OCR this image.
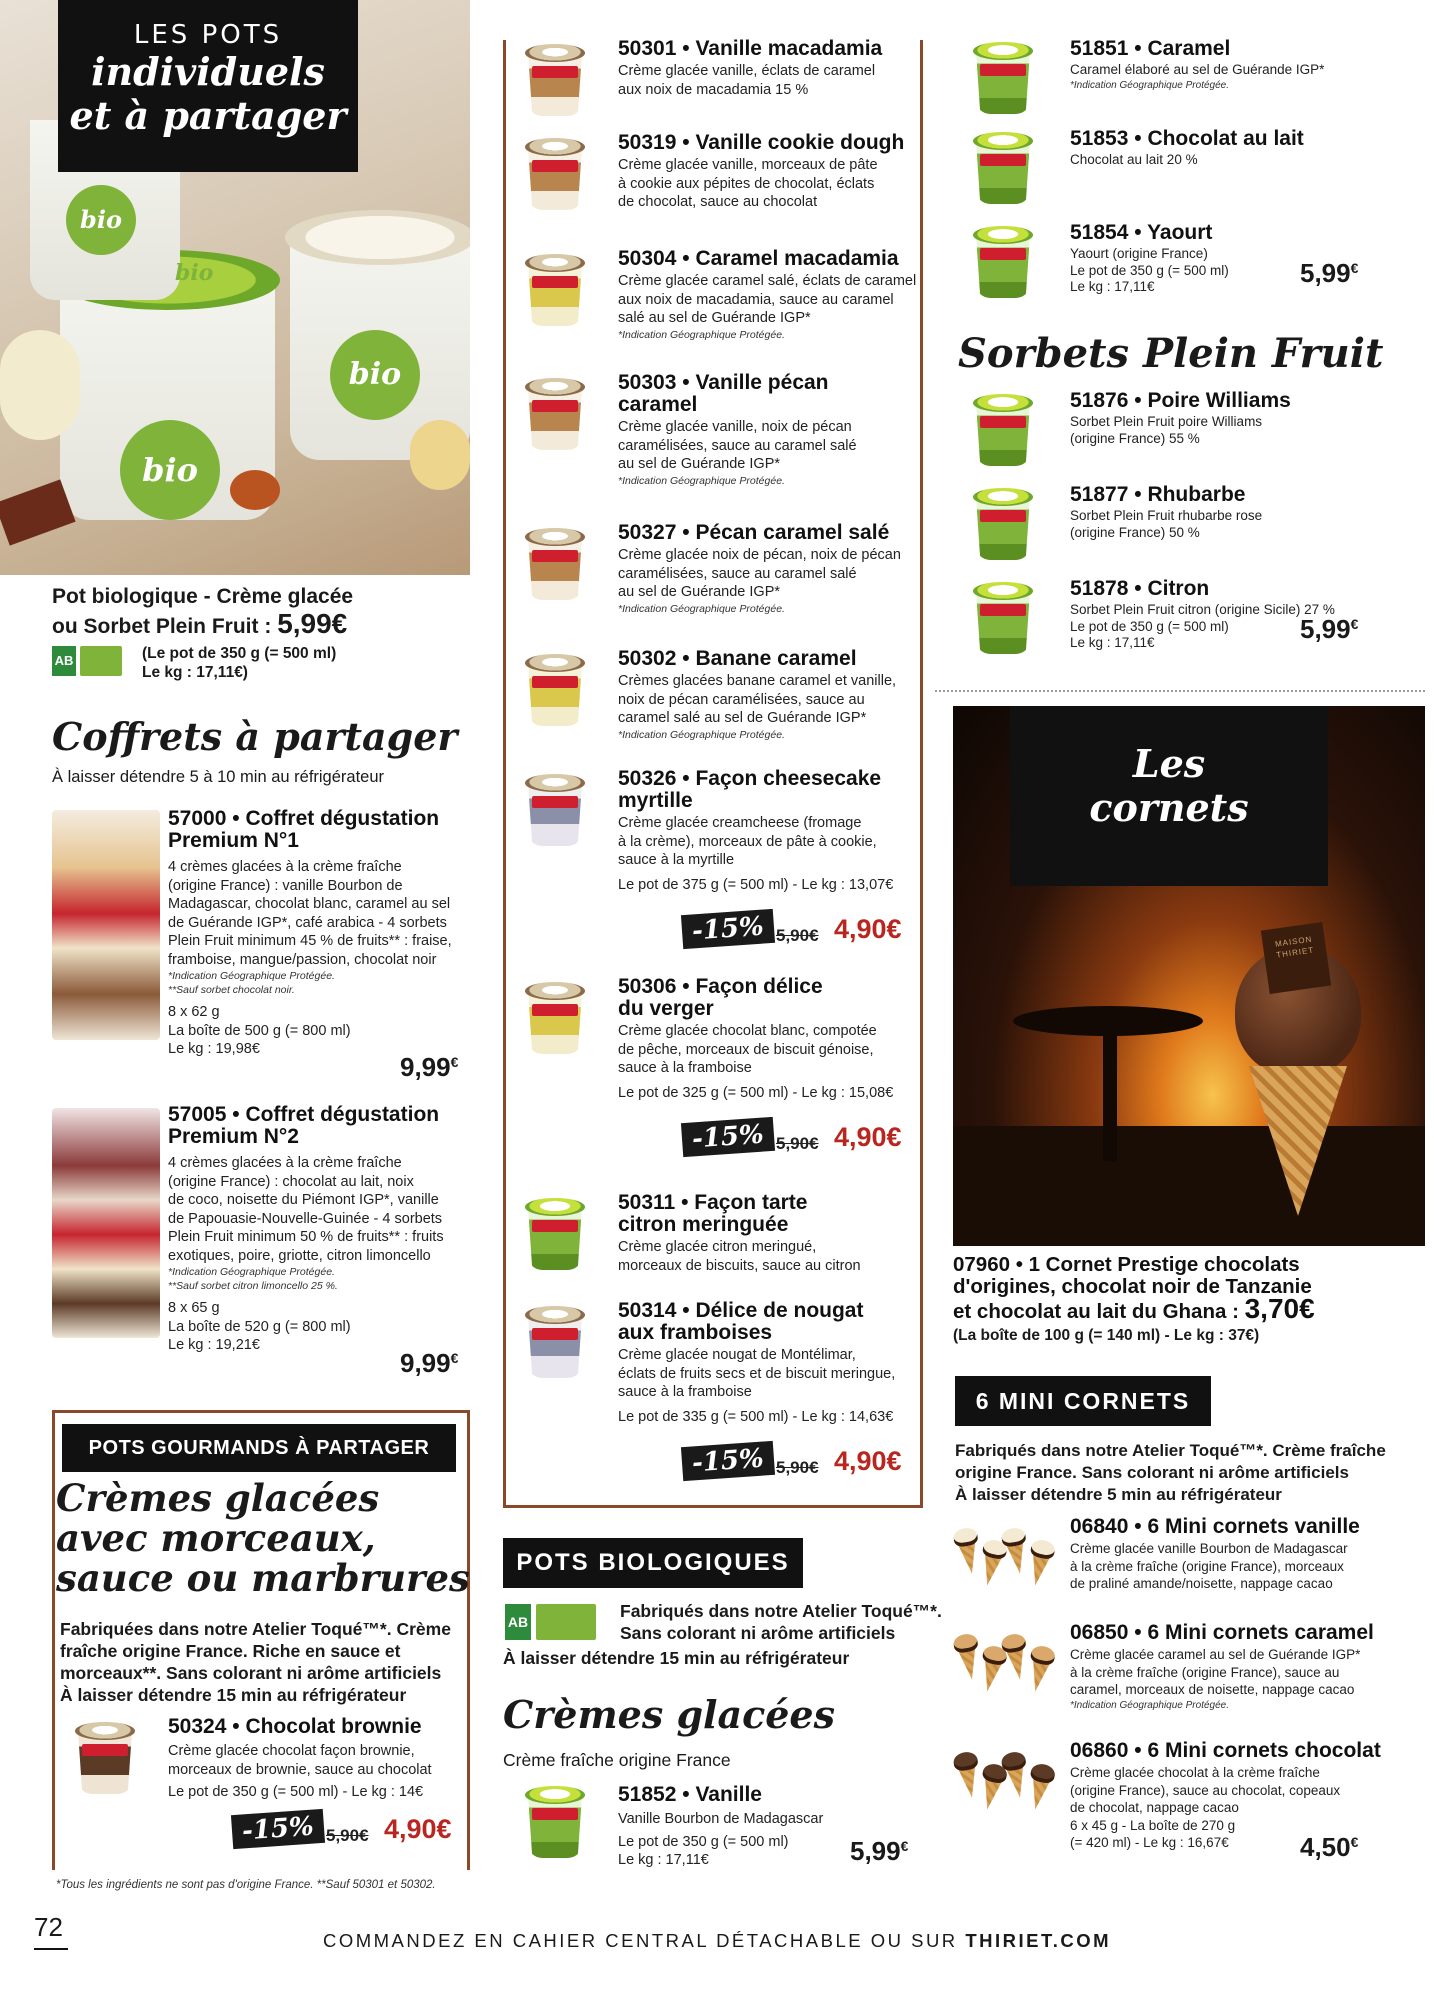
bio
bio
bio
bio
LES POTS
individuels
et à partager
Pot biologique - Crème glacée
ou Sorbet Plein Fruit : 5,99€
AB	(Le pot de 350 g (= 500 ml)
Le kg : 17,11€)
Coffrets à partager
À laisser détendre 5 à 10 min au réfrigérateur
57000 • Coffret dégustation
Premium N°1
4 crèmes glacées à la crème fraîche
(origine France) : vanille Bourbon de
Madagascar, chocolat blanc, caramel au sel
de Guérande IGP*, café arabica - 4 sorbets
Plein Fruit minimum 45 % de fruits** : fraise,
framboise, mangue/passion, chocolat noir
*Indication Géographique Protégée.
**Sauf sorbet chocolat noir.
8 x 62 g
La boîte de 500 g (= 800 ml)
Le kg : 19,98€
9,99€
57005 • Coffret dégustation
Premium N°2
4 crèmes glacées à la crème fraîche
(origine France) : chocolat au lait, noix
de coco, noisette du Piémont IGP*, vanille
de Papouasie-Nouvelle-Guinée - 4 sorbets
Plein Fruit minimum 50 % de fruits** : fruits
exotiques, poire, griotte, citron limoncello
*Indication Géographique Protégée.
**Sauf sorbet citron limoncello 25 %.
8 x 65 g
La boîte de 520 g (= 800 ml)
Le kg : 19,21€
9,99€
POTS GOURMANDS À PARTAGER
Crèmes glacées
avec morceaux,
sauce ou marbrures
Fabriquées dans notre Atelier Toqué™*. Crème
fraîche origine France. Riche en sauce et
morceaux**. Sans colorant ni arôme artificiels
À laisser détendre 15 min au réfrigérateur
50324 • Chocolat brownie
Crème glacée chocolat façon brownie,
morceaux de brownie, sauce au chocolat
Le pot de 350 g (= 500 ml) - Le kg : 14€
-15% 5,90€ 4,90€
*Tous les ingrédients ne sont pas d'origine France. **Sauf 50301 et 50302.
50301 • Vanille macadamia
Crème glacée vanille, éclats de caramel
aux noix de macadamia 15 %
50319 • Vanille cookie dough
Crème glacée vanille, morceaux de pâte
à cookie aux pépites de chocolat, éclats
de chocolat, sauce au chocolat
50304 • Caramel macadamia
Crème glacée caramel salé, éclats de caramel
aux noix de macadamia, sauce au caramel
salé au sel de Guérande IGP*
*Indication Géographique Protégée.
50303 • Vanille pécan
caramel
Crème glacée vanille, noix de pécan
caramélisées, sauce au caramel salé
au sel de Guérande IGP*
*Indication Géographique Protégée.
50327 • Pécan caramel salé
Crème glacée noix de pécan, noix de pécan
caramélisées, sauce au caramel salé
au sel de Guérande IGP*
*Indication Géographique Protégée.
50302 • Banane caramel
Crèmes glacées banane caramel et vanille,
noix de pécan caramélisées, sauce au
caramel salé au sel de Guérande IGP*
*Indication Géographique Protégée.
50326 • Façon cheesecake
myrtille
Crème glacée creamcheese (fromage
à la crème), morceaux de pâte à cookie,
sauce à la myrtille
Le pot de 375 g (= 500 ml) - Le kg : 13,07€
-15% 5,90€ 4,90€
50306 • Façon délice
du verger
Crème glacée chocolat blanc, compotée
de pêche, morceaux de biscuit génoise,
sauce à la framboise
Le pot de 325 g (= 500 ml) - Le kg : 15,08€
-15% 5,90€ 4,90€
50311 • Façon tarte
citron meringuée
Crème glacée citron meringué,
morceaux de biscuits, sauce au citron
50314 • Délice de nougat
aux framboises
Crème glacée nougat de Montélimar,
éclats de fruits secs et de biscuit meringue,
sauce à la framboise
Le pot de 335 g (= 500 ml) - Le kg : 14,63€
-15% 5,90€ 4,90€
POTS BIOLOGIQUES
AB
Fabriqués dans notre Atelier Toqué™*.
Sans colorant ni arôme artificiels
À laisser détendre 15 min au réfrigérateur
Crèmes glacées
Crème fraîche origine France
51852 • Vanille
Vanille Bourbon de Madagascar
Le pot de 350 g (= 500 ml)
Le kg : 17,11€	5,99€
51851 • Caramel
Caramel élaboré au sel de Guérande IGP*
*Indication Géographique Protégée.
51853 • Chocolat au lait
Chocolat au lait 20 %
51854 • Yaourt
Yaourt (origine France)
Le pot de 350 g (= 500 ml)
Le kg : 17,11€	5,99€
Sorbets Plein Fruit
51876 • Poire Williams
Sorbet Plein Fruit poire Williams
(origine France) 55 %
51877 • Rhubarbe
Sorbet Plein Fruit rhubarbe rose
(origine France) 50 %
51878 • Citron
Sorbet Plein Fruit citron (origine Sicile) 27 %
Le pot de 350 g (= 500 ml)
Le kg : 17,11€	5,99€
MAISON THIRIET
Les
cornets
07960 • 1 Cornet Prestige chocolats
d'origines, chocolat noir de Tanzanie
et chocolat au lait du Ghana : 3,70€
(La boîte de 100 g (= 140 ml) - Le kg : 37€)
6 MINI CORNETS
Fabriqués dans notre Atelier Toqué™*. Crème fraîche
origine France. Sans colorant ni arôme artificiels
À laisser détendre 5 min au réfrigérateur
06840 • 6 Mini cornets vanille
Crème glacée vanille Bourbon de Madagascar
à la crème fraîche (origine France), morceaux
de praliné amande/noisette, nappage cacao
06850 • 6 Mini cornets caramel
Crème glacée caramel au sel de Guérande IGP*
à la crème fraîche (origine France), sauce au
caramel, morceaux de noisette, nappage cacao
*Indication Géographique Protégée.
06860 • 6 Mini cornets chocolat
Crème glacée chocolat à la crème fraîche
(origine France), sauce au chocolat, copeaux
de chocolat, nappage cacao
6 x 45 g - La boîte de 270 g
(= 420 ml) - Le kg : 16,67€	4,50€
72	COMMANDEZ EN CAHIER CENTRAL DÉTACHABLE OU SUR THIRIET.COM
